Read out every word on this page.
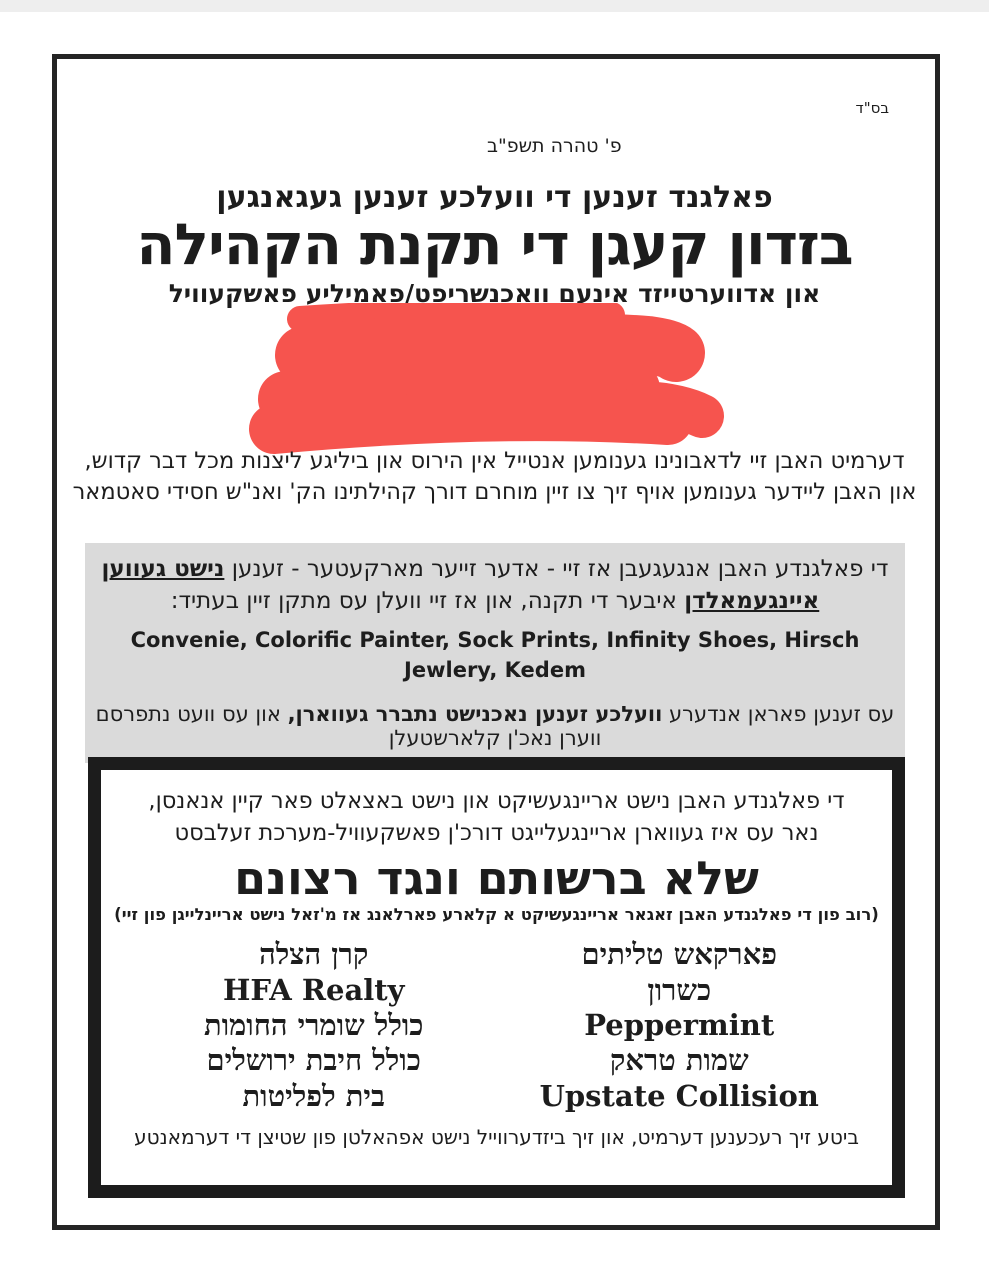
בס"ד
פ' טהרה תשפ"ב
פאלגנד זענען די וועלכע זענען געגאנגען
בזדון קעגן די תקנת הקהילה
און אדווערטייזד אינעם וואכנשריפט/פאמיליע פאשקעוויל
דערמיט האבן זיי לדאבונינו גענומען אנטייל אין הירוס און ביליגע ליצנות מכל דבר קדוש,
און האבן ליידער גענומען אויף זיך צו זיין מוחרם דורך קהילתינו הק' ואנ"ש חסידי סאטמאר
די פאלגנדע האבן אנגעגעבן אז זיי - אדער זייער מארקעטער - זענען נישט געווען
איינגעמאלדן איבער די תקנה, און אז זיי וועלן עס מתקן זיין בעתיד:
Convenie, Colorific Painter, Sock Prints, Infinity Shoes, Hirsch Jewlery, Kedem
עס זענען פאראן אנדערע וועלכע זענען נאכנישט נתברר געווארן, און עס וועט נתפרסם ווערן נאכ'ן קלארשטעלן
די פאלגנדע האבן נישט אריינגעשיקט און נישט באצאלט פאר קיין אנאנסן,
נאר עס איז געווארן אריינגעלייגט דורכ'ן פאשקעוויל-מערכת זעלבסט
שלא ברשותם ונגד רצונם
(רוב פון די פאלגנדע האבן זאגאר אריינגעשיקט א קלארע פארלאנג אז מ'זאל נישט אריינלייגן פון זיי)
פארקאש טליתים
כשרון
Peppermint
שמות טראק
Upstate Collision
קרן הצלה
HFA Realty
כולל שומרי החומות
כולל חיבת ירושלים
בית לפליטות
ביטע זיך רעכענען דערמיט, און זיך ביזדערווייל נישט אפהאלטן פון שטיצן די דערמאנטע
